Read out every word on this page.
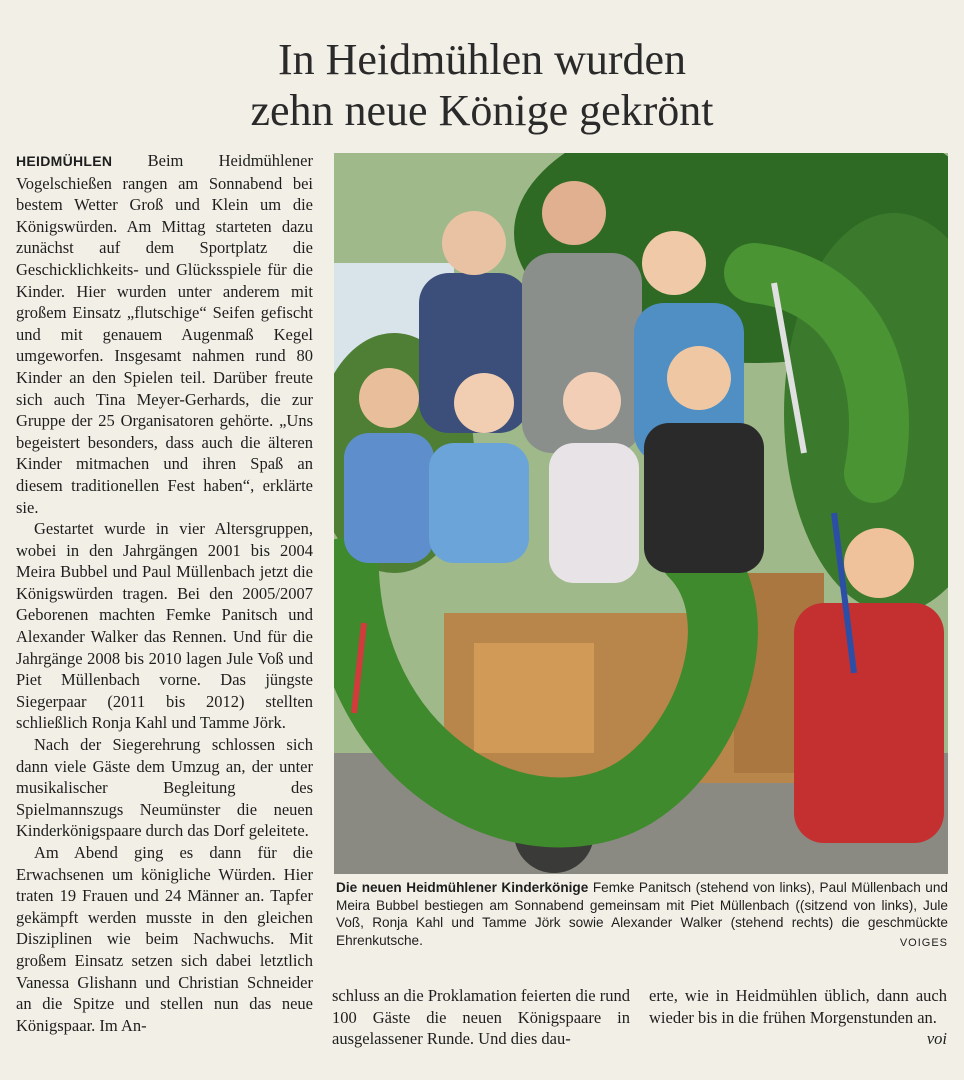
In Heidmühlen wurden
zehn neue Könige gekrönt

HEIDMÜHLEN Beim Heidmühlener Vogelschießen rangen am Sonnabend bei bestem Wetter Groß und Klein um die Königswürden. Am Mittag starteten dazu zunächst auf dem Sportplatz die Geschicklichkeits- und Glücksspiele für die Kinder. Hier wurden unter anderem mit großem Einsatz „flutschige“ Seifen gefischt und mit genauem Augenmaß Kegel umgeworfen. Insgesamt nahmen rund 80 Kinder an den Spielen teil. Darüber freute sich auch Tina Meyer-Gerhards, die zur Gruppe der 25 Organisatoren gehörte. „Uns begeistert besonders, dass auch die älteren Kinder mitmachen und ihren Spaß an diesem traditionellen Fest haben“, erklärte sie.

Gestartet wurde in vier Altersgruppen, wobei in den Jahrgängen 2001 bis 2004 Meira Bubbel und Paul Müllenbach jetzt die Königswürden tragen. Bei den 2005/2007 Geborenen machten Femke Panitsch und Alexander Walker das Rennen. Und für die Jahrgänge 2008 bis 2010 lagen Jule Voß und Piet Müllenbach vorne. Das jüngste Siegerpaar (2011 bis 2012) stellten schließlich Ronja Kahl und Tamme Jörk.

Nach der Siegerehrung schlossen sich dann viele Gäste dem Umzug an, der unter musikalischer Begleitung des Spielmannszugs Neumünster die neuen Kinderkönigspaare durch das Dorf geleitete.

Am Abend ging es dann für die Erwachsenen um königliche Würden. Hier traten 19 Frauen und 24 Männer an. Tapfer gekämpft werden musste in den gleichen Disziplinen wie beim Nachwuchs. Mit großem Einsatz setzen sich dabei letztlich Vanessa Glishann und Christian Schneider an die Spitze und stellen nun das neue Königspaar. Im An-

Die neuen Heidmühlener Kinderkönige Femke Panitsch (stehend von links), Paul Müllenbach und Meira Bubbel bestiegen am Sonnabend gemeinsam mit Piet Müllenbach ((sitzend von links), Jule Voß, Ronja Kahl und Tamme Jörk sowie Alexander Walker (stehend rechts) die geschmückte Ehrenkutsche.	VOIGES

schluss an die Proklamation feierten die rund 100 Gäste die neuen Königspaare in ausgelassener Runde. Und dies dau-

erte, wie in Heidmühlen üblich, dann auch wieder bis in die frühen Morgenstunden an.

voi
